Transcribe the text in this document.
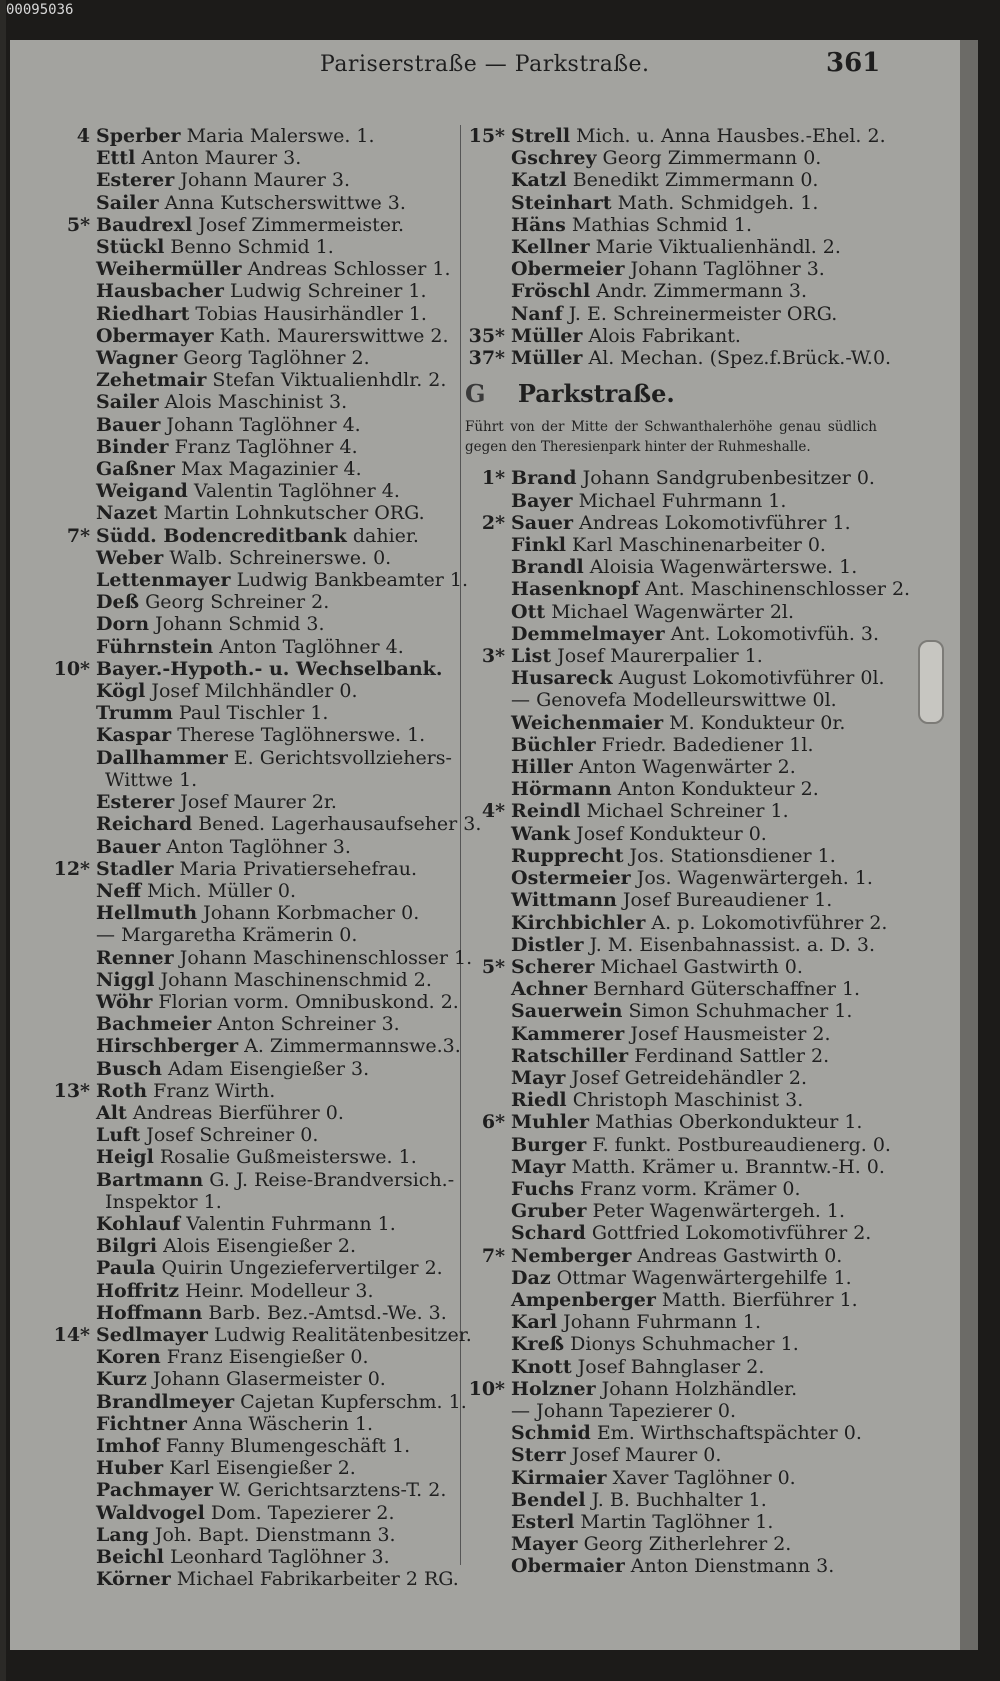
00095036
Pariserstraße — Parkstraße.	361
4 Sperber Maria Malerswe. 1.
Ettl Anton Maurer 3.
Esterer Johann Maurer 3.
Sailer Anna Kutscherswittwe 3.
5* Baudrexl Josef Zimmermeister.
Stückl Benno Schmid 1.
Weihermüller Andreas Schlosser 1.
Hausbacher Ludwig Schreiner 1.
Riedhart Tobias Hausirhändler 1.
Obermayer Kath. Maurerswittwe 2.
Wagner Georg Taglöhner 2.
Zehetmair Stefan Viktualienhdlr. 2.
Sailer Alois Maschinist 3.
Bauer Johann Taglöhner 4.
Binder Franz Taglöhner 4.
Gaßner Max Magazinier 4.
Weigand Valentin Taglöhner 4.
Nazet Martin Lohnkutscher ORG.
7* Südd. Bodencreditbank dahier.
Weber Walb. Schreinerswe. 0.
Lettenmayer Ludwig Bankbeamter 1.
Deß Georg Schreiner 2.
Dorn Johann Schmid 3.
Führnstein Anton Taglöhner 4.
10* Bayer.-Hypoth.- u. Wechselbank.
Kögl Josef Milchhändler 0.
Trumm Paul Tischler 1.
Kaspar Therese Taglöhnerswe. 1.
Dallhammer E. Gerichtsvollziehers-
Wittwe 1.
Esterer Josef Maurer 2r.
Reichard Bened. Lagerhausaufseher 3.
Bauer Anton Taglöhner 3.
12* Stadler Maria Privatiersehefrau.
Neff Mich. Müller 0.
Hellmuth Johann Korbmacher 0.
— Margaretha Krämerin 0.
Renner Johann Maschinenschlosser 1.
Niggl Johann Maschinenschmid 2.
Wöhr Florian vorm. Omnibuskond. 2.
Bachmeier Anton Schreiner 3.
Hirschberger A. Zimmermannswe.3.
Busch Adam Eisengießer 3.
13* Roth Franz Wirth.
Alt Andreas Bierführer 0.
Luft Josef Schreiner 0.
Heigl Rosalie Gußmeisterswe. 1.
Bartmann G. J. Reise-Brandversich.-
Inspektor 1.
Kohlauf Valentin Fuhrmann 1.
Bilgri Alois Eisengießer 2.
Paula Quirin Ungeziefervertilger 2.
Hoffritz Heinr. Modelleur 3.
Hoffmann Barb. Bez.-Amtsd.-We. 3.
14* Sedlmayer Ludwig Realitätenbesitzer.
Koren Franz Eisengießer 0.
Kurz Johann Glasermeister 0.
Brandlmeyer Cajetan Kupferschm. 1.
Fichtner Anna Wäscherin 1.
Imhof Fanny Blumengeschäft 1.
Huber Karl Eisengießer 2.
Pachmayer W. Gerichtsarztens-T. 2.
Waldvogel Dom. Tapezierer 2.
Lang Joh. Bapt. Dienstmann 3.
Beichl Leonhard Taglöhner 3.
Körner Michael Fabrikarbeiter 2 RG.
15* Strell Mich. u. Anna Hausbes.-Ehel. 2.
Gschrey Georg Zimmermann 0.
Katzl Benedikt Zimmermann 0.
Steinhart Math. Schmidgeh. 1.
Häns Mathias Schmid 1.
Kellner Marie Viktualienhändl. 2.
Obermeier Johann Taglöhner 3.
Fröschl Andr. Zimmermann 3.
Nanf J. E. Schreinermeister ORG.
35* Müller Alois Fabrikant.
37* Müller Al. Mechan. (Spez.f.Brück.-W.0.
G Parkstraße.
Führt von der Mitte der Schwanthalerhöhe genau südlich gegen den Theresienpark hinter der Ruhmeshalle.
1* Brand Johann Sandgrubenbesitzer 0.
Bayer Michael Fuhrmann 1.
2* Sauer Andreas Lokomotivführer 1.
Finkl Karl Maschinenarbeiter 0.
Brandl Aloisia Wagenwärterswe. 1.
Hasenknopf Ant. Maschinenschlosser 2.
Ott Michael Wagenwärter 2l.
Demmelmayer Ant. Lokomotivfüh. 3.
3* List Josef Maurerpalier 1.
Husareck August Lokomotivführer 0l.
— Genovefa Modelleurswittwe 0l.
Weichenmaier M. Kondukteur 0r.
Büchler Friedr. Badediener 1l.
Hiller Anton Wagenwärter 2.
Hörmann Anton Kondukteur 2.
4* Reindl Michael Schreiner 1.
Wank Josef Kondukteur 0.
Rupprecht Jos. Stationsdiener 1.
Ostermeier Jos. Wagenwärtergeh. 1.
Wittmann Josef Bureaudiener 1.
Kirchbichler A. p. Lokomotivführer 2.
Distler J. M. Eisenbahnassist. a. D. 3.
5* Scherer Michael Gastwirth 0.
Achner Bernhard Güterschaffner 1.
Sauerwein Simon Schuhmacher 1.
Kammerer Josef Hausmeister 2.
Ratschiller Ferdinand Sattler 2.
Mayr Josef Getreidehändler 2.
Riedl Christoph Maschinist 3.
6* Muhler Mathias Oberkondukteur 1.
Burger F. funkt. Postbureaudienerg. 0.
Mayr Matth. Krämer u. Branntw.-H. 0.
Fuchs Franz vorm. Krämer 0.
Gruber Peter Wagenwärtergeh. 1.
Schard Gottfried Lokomotivführer 2.
7* Nemberger Andreas Gastwirth 0.
Daz Ottmar Wagenwärtergehilfe 1.
Ampenberger Matth. Bierführer 1.
Karl Johann Fuhrmann 1.
Kreß Dionys Schuhmacher 1.
Knott Josef Bahnglaser 2.
10* Holzner Johann Holzhändler.
— Johann Tapezierer 0.
Schmid Em. Wirthschaftspächter 0.
Sterr Josef Maurer 0.
Kirmaier Xaver Taglöhner 0.
Bendel J. B. Buchhalter 1.
Esterl Martin Taglöhner 1.
Mayer Georg Zitherlehrer 2.
Obermaier Anton Dienstmann 3.
